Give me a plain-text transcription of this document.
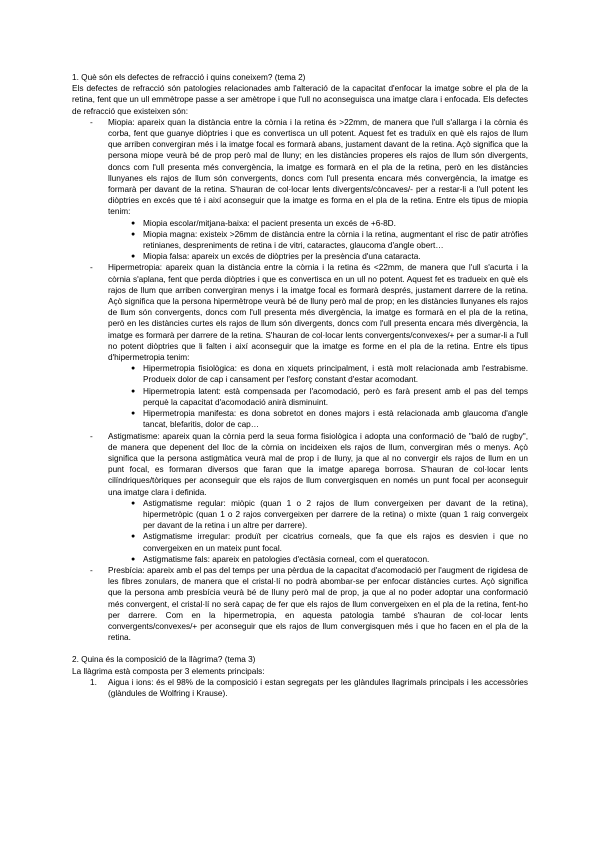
1. Què són els defectes de refracció i quins coneixem? (tema 2)

Els defectes de refracció són patologies relacionades amb l'alteració de la capacitat d'enfocar la imatge sobre el pla de la retina, fent que un ull emmètrope passe a ser amètrope i que l'ull no aconseguisca una imatge clara i enfocada. Els defectes de refracció que existeixen són:

- Miopia: apareix quan la distància entre la còrnia i la retina és >22mm, de manera que l'ull s'allarga i la còrnia és corba, fent que guanye diòptries i que es convertisca un ull potent. Aquest fet es traduïx en què els rajos de llum que arriben convergiran més i la imatge focal es formarà abans, justament davant de la retina. Açò significa que la persona miope veurà bé de prop però mal de lluny; en les distàncies properes els rajos de llum són divergents, doncs com l'ull presenta més convergència, la imatge es formarà en el pla de la retina, però en les distàncies llunyanes els rajos de llum són convergents, doncs com l'ull presenta encara més convergència, la imatge es formarà per davant de la retina. S'hauran de col·locar lents divergents/còncaves/- per a restar-li a l'ull potent les diòptries en excés que té i així aconseguir que la imatge es forma en el pla de la retina. Entre els tipus de miopia tenim:
● Miopia escolar/mitjana-baixa: el pacient presenta un excés de +6-8D.
● Miopia magna: existeix >26mm de distància entre la còrnia i la retina, augmentant el risc de patir atròfies retinianes, despreniments de retina i de vitri, cataractes, glaucoma d'angle obert…
● Miopia falsa: apareix un excés de diòptries per la presència d'una cataracta.
- Hipermetropia: apareix quan la distància entre la còrnia i la retina és <22mm, de manera que l'ull s'acurta i la còrnia s'aplana, fent que perda diòptries i que es convertisca en un ull no potent. Aquest fet es tradueix en què els rajos de llum que arriben convergiran menys i la imatge focal es formarà després, justament darrere de la retina. Açò significa que la persona hipermètrope veurà bé de lluny però mal de prop; en les distàncies llunyanes els rajos de llum són convergents, doncs com l'ull presenta més divergència, la imatge es formarà en el pla de la retina, però en les distàncies curtes els rajos de llum són divergents, doncs com l'ull presenta encara més divergència, la imatge es formarà per darrere de la retina. S'hauran de col·locar lents convergents/convexes/+ per a sumar-li a l'ull no potent diòptries que li falten i així aconseguir que la imatge es forme en el pla de la retina. Entre els tipus d'hipermetropia tenim:
● Hipermetropia fisiològica: es dona en xiquets principalment, i està molt relacionada amb l'estrabisme. Produeix dolor de cap i cansament per l'esforç constant d'estar acomodant.
● Hipermetropia latent: està compensada per l'acomodació, però es farà present amb el pas del temps perquè la capacitat d'acomodació anirà disminuint.
● Hipermetropia manifesta: es dona sobretot en dones majors i està relacionada amb glaucoma d'angle tancat, blefaritis, dolor de cap…
- Astigmatisme: apareix quan la còrnia perd la seua forma fisiològica i adopta una conformació de "baló de rugby", de manera que depenent del lloc de la còrnia on incideixen els rajos de llum, convergiran més o menys. Açò significa que la persona astigmàtica veurà mal de prop i de lluny, ja que al no convergir els rajos de llum en un punt focal, es formaran diversos que faran que la imatge aparega borrosa. S'hauran de col·locar lents cilíndriques/tòriques per aconseguir que els rajos de llum convergisquen en només un punt focal per aconseguir una imatge clara i definida.
● Astigmatisme regular: miòpic (quan 1 o 2 rajos de llum convergeixen per davant de la retina), hipermetròpic (quan 1 o 2 rajos convergeixen per darrere de la retina) o mixte (quan 1 raig convergeix per davant de la retina i un altre per darrere).
● Astigmatisme irregular: produït per cicatrius corneals, que fa que els rajos es desvien i que no convergeixen en un mateix punt focal.
● Astigmatisme fals: apareix en patologies d'ectàsia corneal, com el queratocon.
- Presbícia: apareix amb el pas del temps per una pèrdua de la capacitat d'acomodació per l'augment de rigidesa de les fibres zonulars, de manera que el cristal·lí no podrà abombar-se per enfocar distàncies curtes. Açò significa que la persona amb presbícia veurà bé de lluny però mal de prop, ja que al no poder adoptar una conformació més convergent, el cristal·lí no serà capaç de fer que els rajos de llum convergeixen en el pla de la retina, fent-ho per darrere. Com en la hipermetropia, en aquesta patologia també s'hauran de col·locar lents convergents/convexes/+ per aconseguir que els rajos de llum convergisquen més i que ho facen en el pla de la retina.

2. Quina és la composició de la llàgrima? (tema 3)

La llàgrima està composta per 3 elements principals:

1. Aigua i ions: és el 98% de la composició i estan segregats per les glàndules llagrimals principals i les accessòries (glàndules de Wolfring i Krause).
